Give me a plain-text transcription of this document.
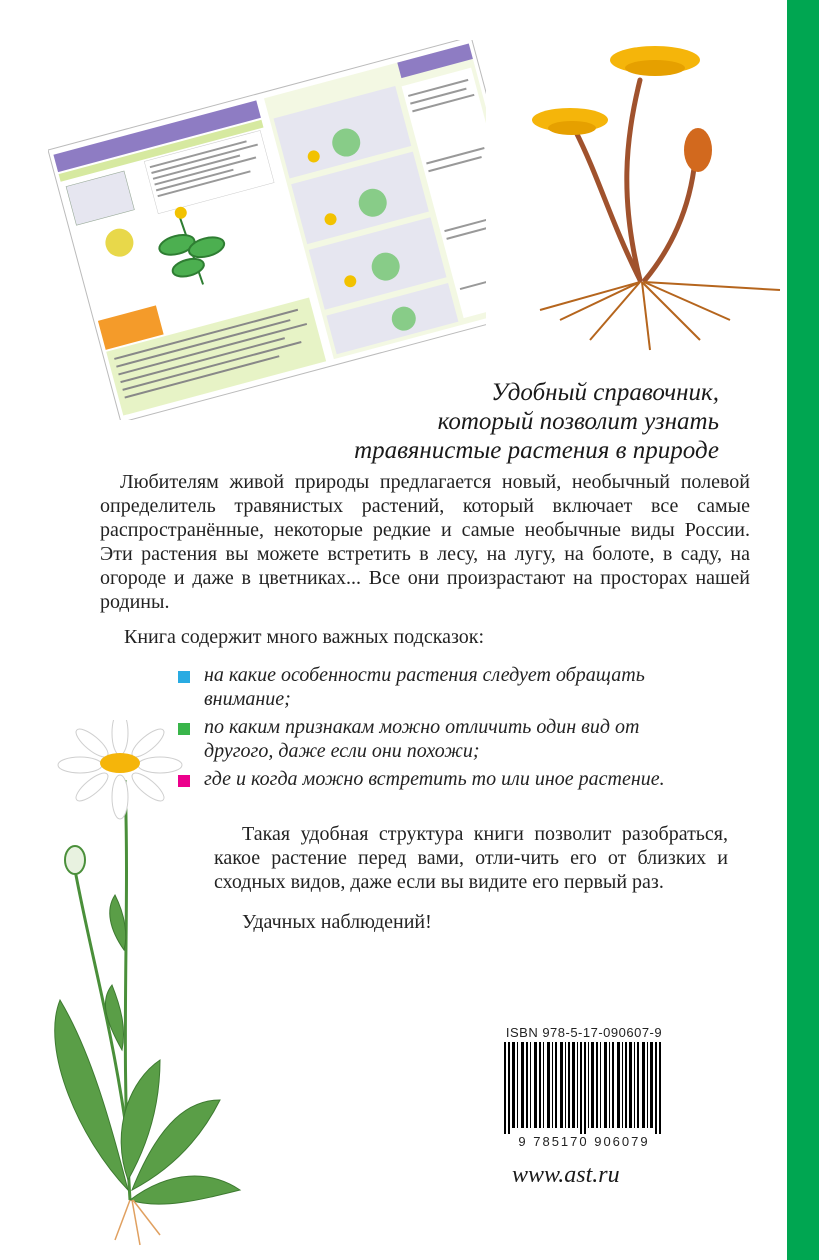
Удобный справочник,
который позволит узнать
травянистые растения в природе
Любителям живой природы предлагается новый, необычный полевой определитель травянистых растений, который включает все самые распространённые, некоторые редкие и самые необычные виды России. Эти растения вы можете встретить в лесу, на лугу, на болоте, в саду, на огороде и даже в цветниках... Все они произрастают на просторах нашей родины.
Книга содержит много важных подсказок:
на какие особенности растения следует обращать внимание;
по каким признакам можно отличить один вид от другого, даже если они похожи;
где и когда можно встретить то или иное растение.
Такая удобная структура книги позволит разобраться, какое растение перед вами, отли-чить его от близких и сходных видов, даже если вы видите его первый раз.
Удачных наблюдений!
ISBN 978-5-17-090607-9
9 785170 906079
www.ast.ru
